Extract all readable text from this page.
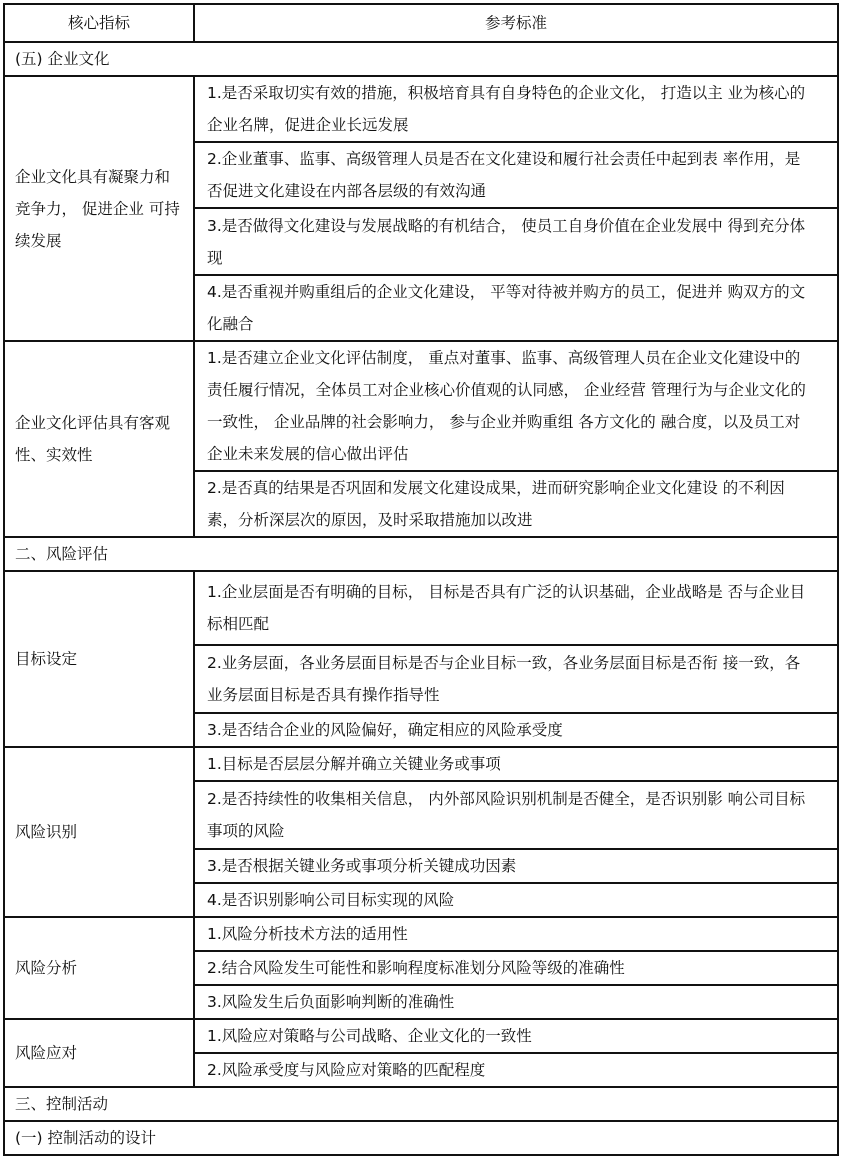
核心指标	参考标准
(五) 企业文化	
企业文化具有凝聚力和竞争力， 促进企业 可持续发展	1.是否采取切实有效的措施，积极培育具有自身特色的企业文化， 打造以主 业为核心的企业名牌，促进企业长远发展
	2.企业董事、监事、高级管理人员是否在文化建设和履行社会责任中起到表 率作用，是否促进文化建设在内部各层级的有效沟通
	3.是否做得文化建设与发展战略的有机结合， 使员工自身价值在企业发展中 得到充分体现
	4.是否重视并购重组后的企业文化建设， 平等对待被并购方的员工，促进并 购双方的文化融合
企业文化评估具有客观性、实效性	1.是否建立企业文化评估制度， 重点对董事、监事、高级管理人员在企业文化建设中的责任履行情况，全体员工对企业核心价值观的认同感， 企业经营 管理行为与企业文化的一致性， 企业品牌的社会影响力， 参与企业并购重组 各方文化的 融合度，以及员工对企业未来发展的信心做出评估
	2.是否真的结果是否巩固和发展文化建设成果，进而研究影响企业文化建设 的不利因素，分析深层次的原因，及时采取措施加以改进
二、风险评估	
目标设定	1.企业层面是否有明确的目标， 目标是否具有广泛的认识基础，企业战略是 否与企业目标相匹配
	2.业务层面，各业务层面目标是否与企业目标一致，各业务层面目标是否衔 接一致，各业务层面目标是否具有操作指导性
	3.是否结合企业的风险偏好，确定相应的风险承受度
风险识别	1.目标是否层层分解并确立关键业务或事项
	2.是否持续性的收集相关信息， 内外部风险识别机制是否健全，是否识别影 响公司目标事项的风险
	3.是否根据关键业务或事项分析关键成功因素
	4.是否识别影响公司目标实现的风险
风险分析	1.风险分析技术方法的适用性
	2.结合风险发生可能性和影响程度标准划分风险等级的准确性
	3.风险发生后负面影响判断的准确性
风险应对	1.风险应对策略与公司战略、企业文化的一致性
	2.风险承受度与风险应对策略的匹配程度
三、控制活动	
(一) 控制活动的设计	
